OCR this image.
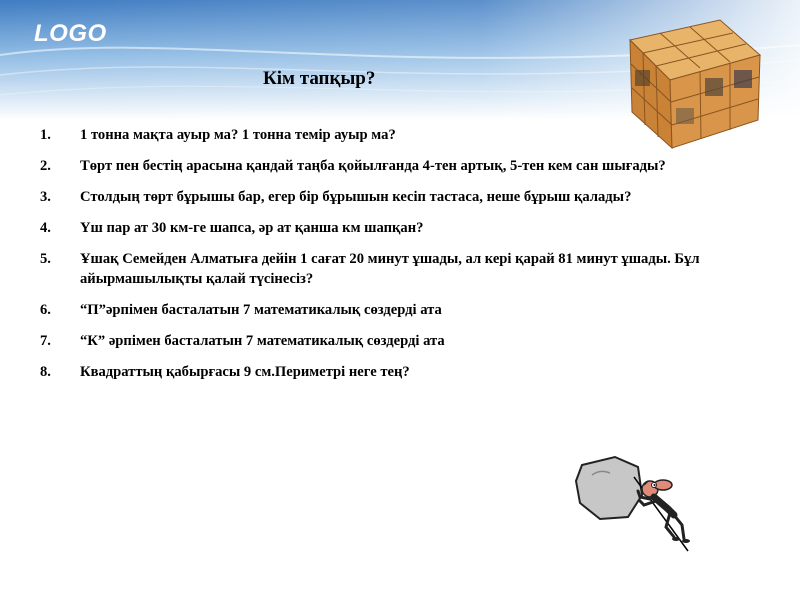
LOGO
Кім тапқыр?
1.	1 тонна мақта ауыр ма? 1 тонна темір ауыр ма?
2.	Төрт пен бестің арасына қандай таңба қойылғанда 4-тен артық, 5-тен кем сан шығады?
3.	Столдың төрт бұрышы бар, егер бір бұрышын кесіп тастаса, неше бұрыш қалады?
4.	Үш пар ат 30 км-ге шапса, әр ат қанша км шапқан?
5.	Ұшақ Семейден Алматыға дейін 1 сағат 20 минут ұшады, ал кері қарай 81 минут ұшады. Бұл айырмашылықты қалай түсінесіз?
6.	“П”әрпімен басталатын 7 математикалық сөздерді ата
7.	“К” әрпімен басталатын 7 математикалық сөздерді ата
8.	Квадраттың қабырғасы 9 см.Периметрі неге тең?
